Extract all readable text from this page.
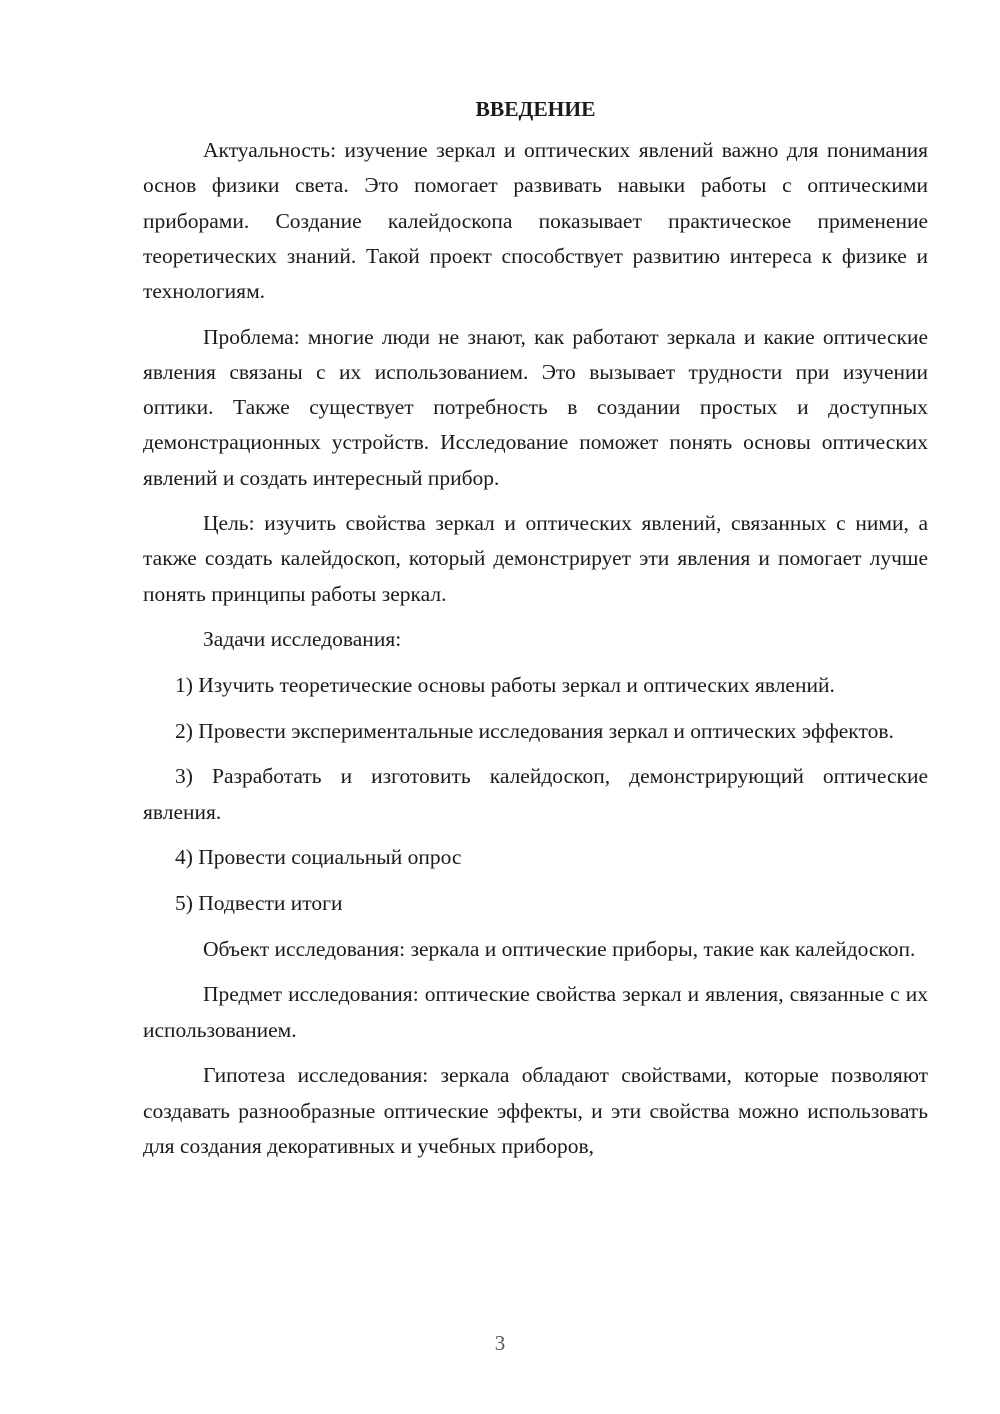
ВВЕДЕНИЕ

Актуальность: изучение зеркал и оптических явлений важно для понимания основ физики света. Это помогает развивать навыки работы с оптическими приборами. Создание калейдоскопа показывает практическое применение теоретических знаний. Такой проект способствует развитию интереса к физике и технологиям.

Проблема: многие люди не знают, как работают зеркала и какие оптические явления связаны с их использованием. Это вызывает трудности при изучении оптики. Также существует потребность в создании простых и доступных демонстрационных устройств. Исследование поможет понять основы оптических явлений и создать интересный прибор.

Цель: изучить свойства зеркал и оптических явлений, связанных с ними, а также создать калейдоскоп, который демонстрирует эти явления и помогает лучше понять принципы работы зеркал.

Задачи исследования:

1) Изучить теоретические основы работы зеркал и оптических явлений.

2) Провести экспериментальные исследования зеркал и оптических эффектов.

3) Разработать и изготовить калейдоскоп, демонстрирующий оптические явления.

4) Провести социальный опрос

5) Подвести итоги

Объект исследования: зеркала и оптические приборы, такие как калейдоскоп.

Предмет исследования: оптические свойства зеркал и явления, связанные с их использованием.

Гипотеза исследования: зеркала обладают свойствами, которые позволяют создавать разнообразные оптические эффекты, и эти свойства можно использовать для создания декоративных и учебных приборов,

3
